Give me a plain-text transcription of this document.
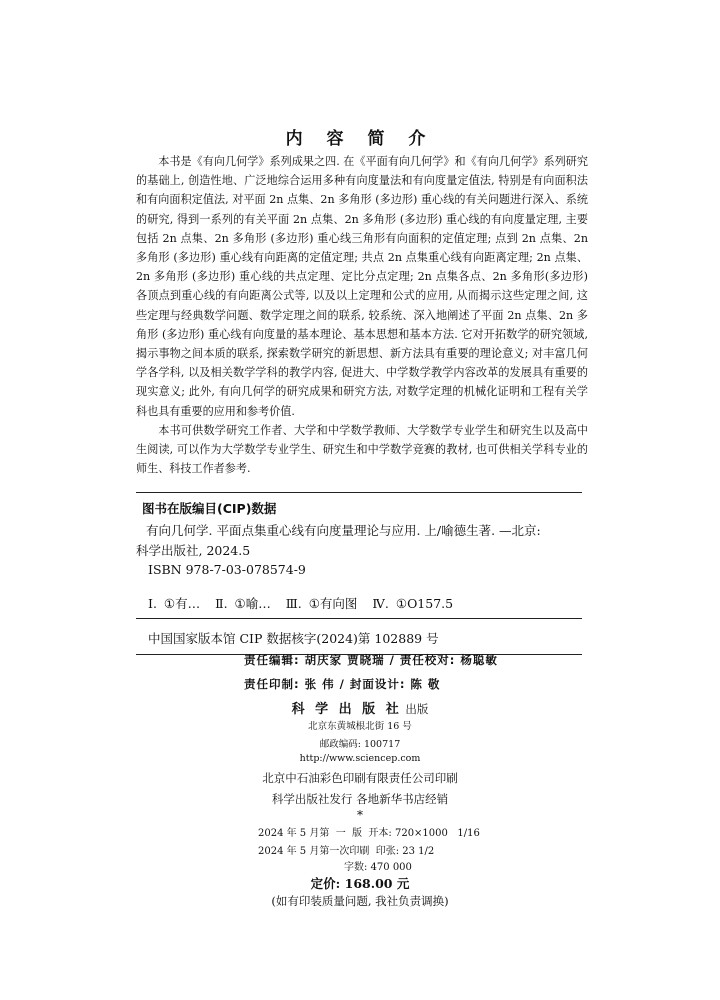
内 容 简 介

本书是《有向几何学》系列成果之四. 在《平面有向几何学》和《有向几何学》系列研究的基础上, 创造性地、广泛地综合运用多种有向度量法和有向度量定值法, 特别是有向面积法和有向面积定值法, 对平面 2n 点集、2n 多角形 (多边形) 重心线的有关问题进行深入、系统的研究, 得到一系列的有关平面 2n 点集、2n 多角形 (多边形) 重心线的有向度量定理, 主要包括 2n 点集、2n 多角形 (多边形) 重心线三角形有向面积的定值定理; 点到 2n 点集、2n 多角形 (多边形) 重心线有向距离的定值定理; 共点 2n 点集重心线有向距离定理; 2n 点集、2n 多角形 (多边形) 重心线的共点定理、定比分点定理; 2n 点集各点、2n 多角形(多边形) 各顶点到重心线的有向距离公式等, 以及以上定理和公式的应用, 从而揭示这些定理之间, 这些定理与经典数学问题、数学定理之间的联系, 较系统、深入地阐述了平面 2n 点集、2n 多角形 (多边形) 重心线有向度量的基本理论、基本思想和基本方法. 它对开拓数学的研究领域, 揭示事物之间本质的联系, 探索数学研究的新思想、新方法具有重要的理论意义; 对丰富几何学各学科, 以及相关数学学科的教学内容, 促进大、中学数学教学内容改革的发展具有重要的现实意义; 此外, 有向几何学的研究成果和研究方法, 对数学定理的机械化证明和工程有关学科也具有重要的应用和参考价值.

本书可供数学研究工作者、大学和中学数学教师、大学数学专业学生和研究生以及高中生阅读, 可以作为大学数学专业学生、研究生和中学数学竞赛的教材, 也可供相关学科专业的师生、科技工作者参考.

图书在版编目(CIP)数据
有向几何学. 平面点集重心线有向度量理论与应用. 上/喻德生著. —北京:
科学出版社, 2024.5
ISBN 978-7-03-078574-9
Ⅰ. ①有… Ⅱ. ①喻… Ⅲ. ①有向图 Ⅳ. ①O157.5
中国国家版本馆 CIP 数据核字(2024)第 102889 号
责任编辑: 胡庆家 贾晓瑞 / 责任校对: 杨聪敏
责任印制: 张 伟 / 封面设计: 陈 敬
科 学 出 版 社 出版
北京东黄城根北街 16 号
邮政编码: 100717
http://www.sciencep.com
北京中石油彩色印刷有限责任公司印刷
科学出版社发行 各地新华书店经销
*
2024 年 5 月第  一  版  开本: 720×1000   1/16
2024 年 5 月第一次印刷  印张: 23 1/2
字数: 470 000
定价: 168.00 元
(如有印装质量问题, 我社负责调换)
